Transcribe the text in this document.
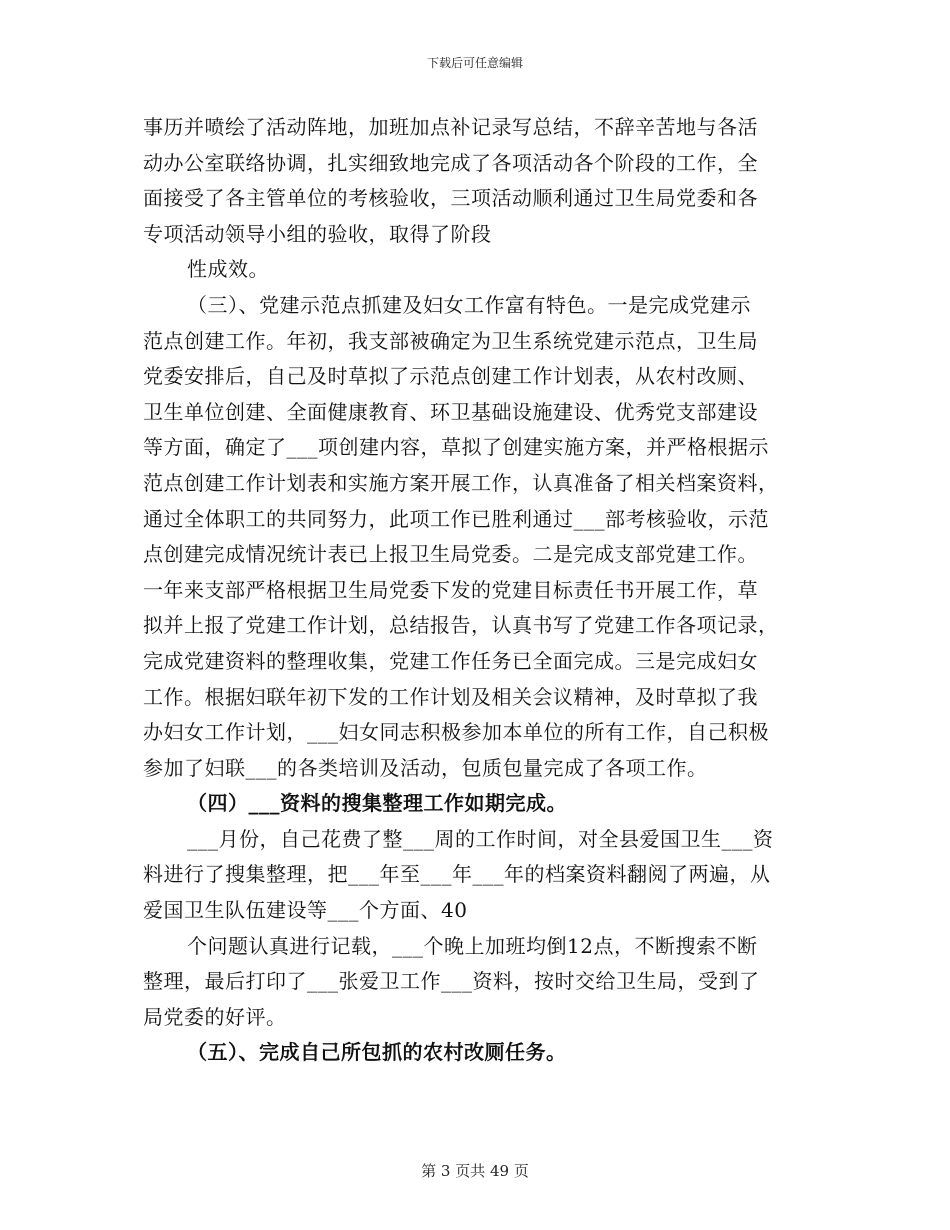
下载后可任意编辑
事历并喷绘了活动阵地，加班加点补记录写总结，不辞辛苦地与各活
动办公室联络协调，扎实细致地完成了各项活动各个阶段的工作，全
面接受了各主管单位的考核验收，三项活动顺利通过卫生局党委和各
专项活动领导小组的验收，取得了阶段
性成效。
（三）、党建示范点抓建及妇女工作富有特色。一是完成党建示
范点创建工作。年初，我支部被确定为卫生系统党建示范点，卫生局
党委安排后，自己及时草拟了示范点创建工作计划表，从农村改厕、
卫生单位创建、全面健康教育、环卫基础设施建设、优秀党支部建设
等方面，确定了___项创建内容，草拟了创建实施方案，并严格根据示
范点创建工作计划表和实施方案开展工作，认真准备了相关档案资料，
通过全体职工的共同努力，此项工作已胜利通过___部考核验收，示范
点创建完成情况统计表已上报卫生局党委。二是完成支部党建工作。
一年来支部严格根据卫生局党委下发的党建目标责任书开展工作，草
拟并上报了党建工作计划，总结报告，认真书写了党建工作各项记录，
完成党建资料的整理收集，党建工作任务已全面完成。三是完成妇女
工作。根据妇联年初下发的工作计划及相关会议精神，及时草拟了我
办妇女工作计划，___妇女同志积极参加本单位的所有工作，自己积极
参加了妇联___的各类培训及活动，包质包量完成了各项工作。
（四）___资料的搜集整理工作如期完成。
___月份，自己花费了整___周的工作时间，对全县爱国卫生___资
料进行了搜集整理，把___年至___年___年的档案资料翻阅了两遍，从
爱国卫生队伍建设等___个方面、40
个问题认真进行记载，___个晚上加班均倒12点，不断搜索不断
整理，最后打印了___张爱卫工作___资料，按时交给卫生局，受到了
局党委的好评。
（五）、完成自己所包抓的农村改厕任务。
第 3 页共 49 页
